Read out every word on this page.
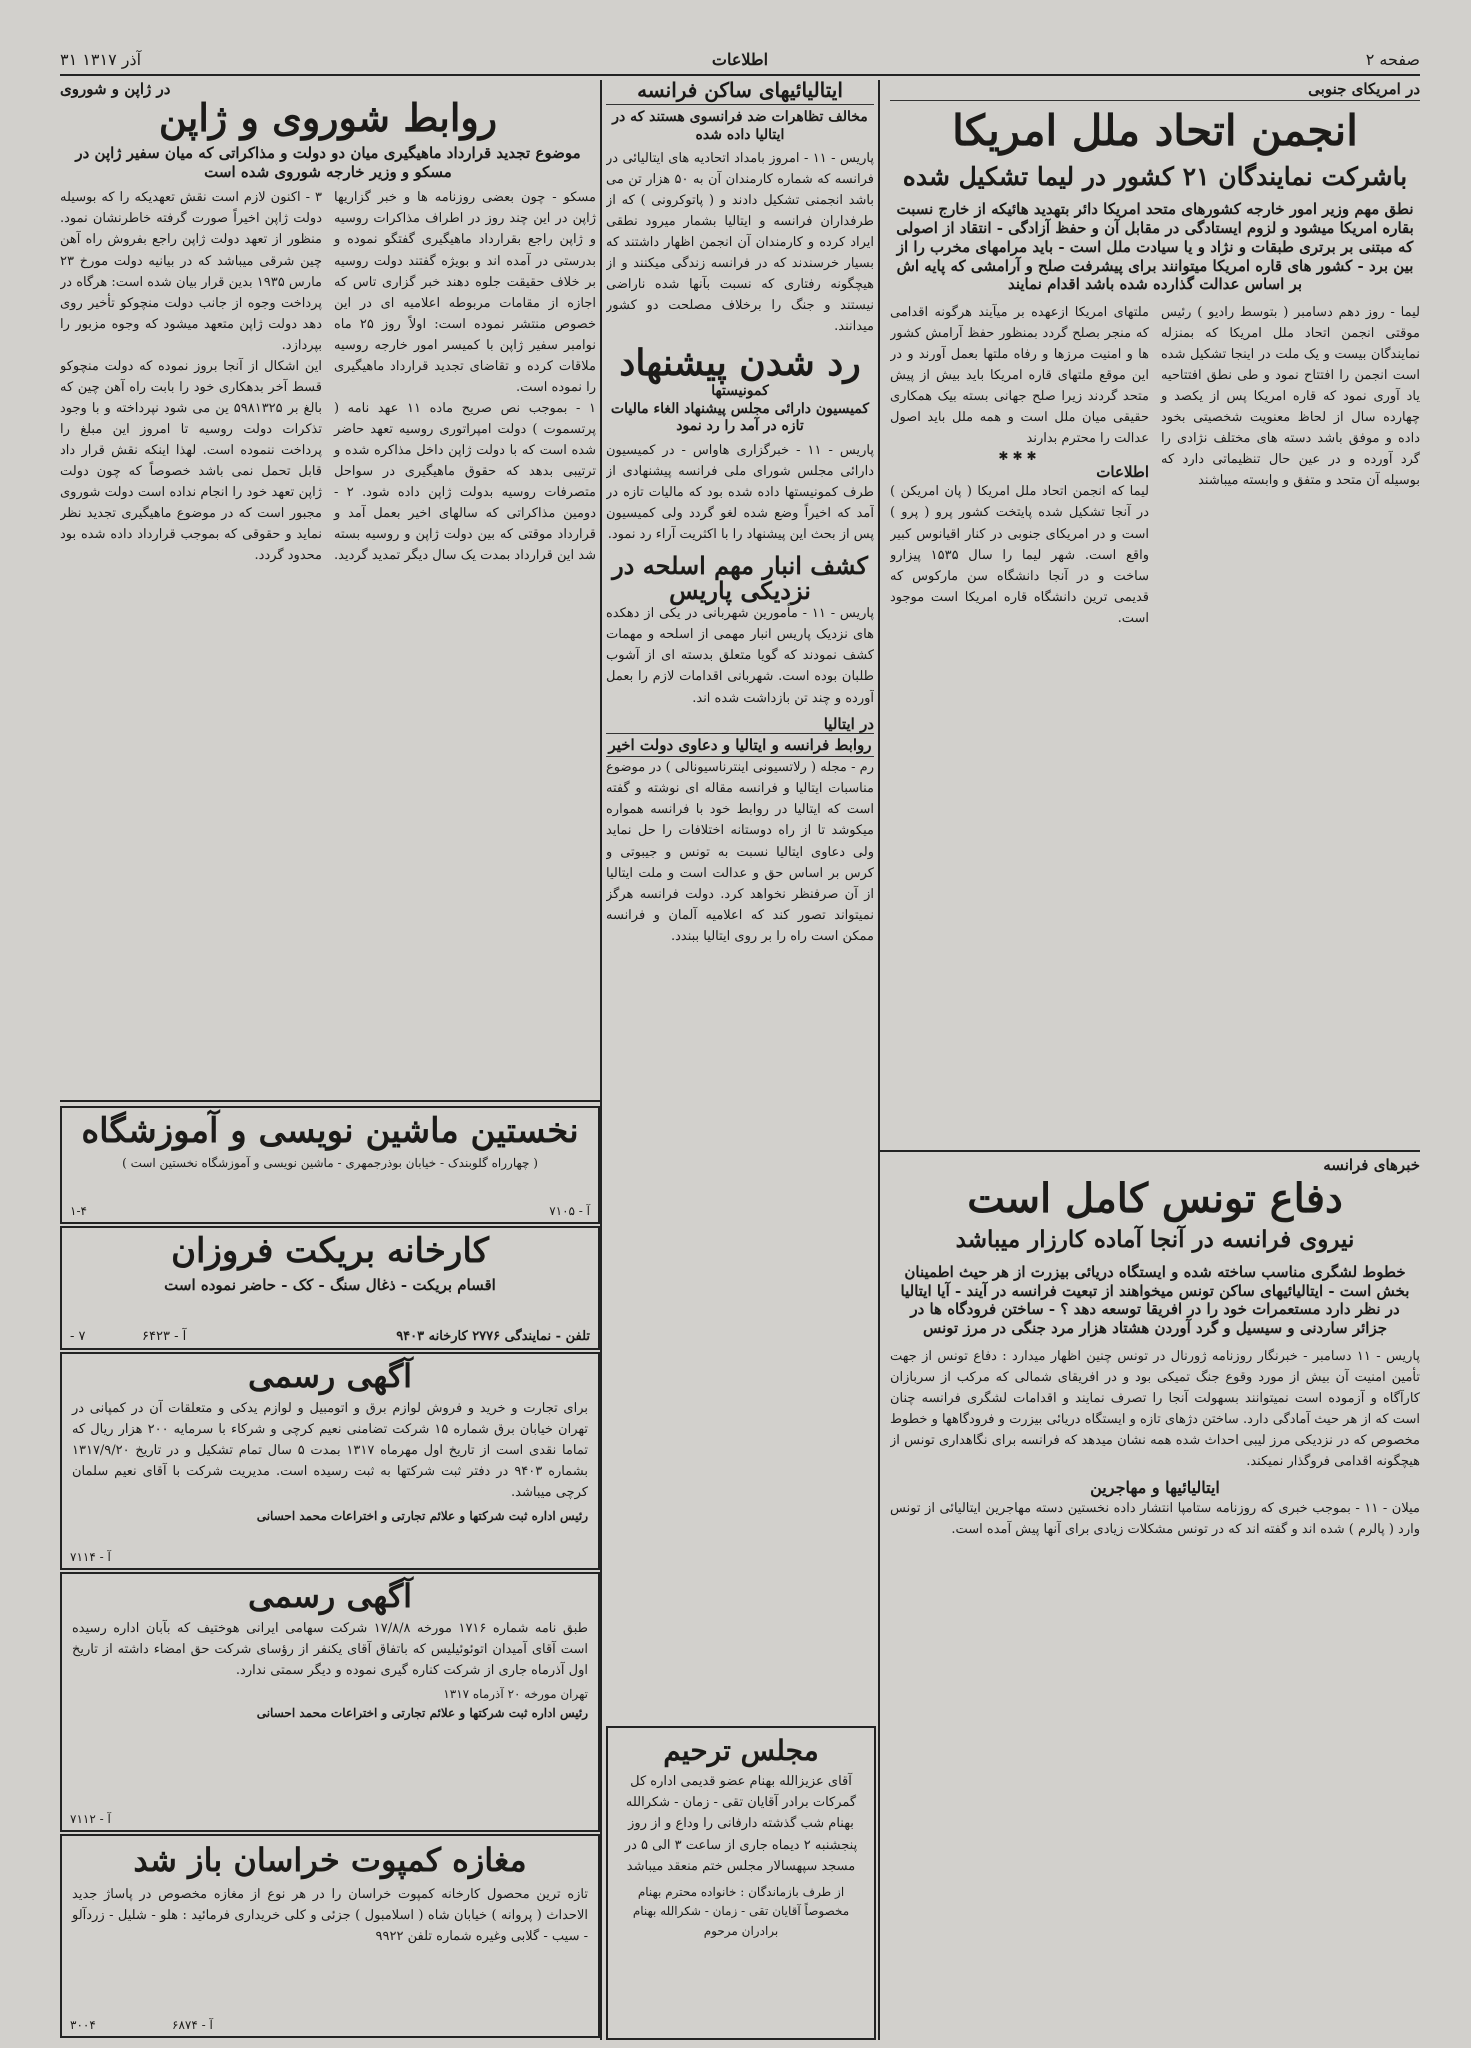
صفحه ۲
اطلاعات
۳۱ آذر ۱۳۱۷
در امریکای جنوبی
انجمن اتحاد ملل امریکا
باشرکت نمایندگان ۲۱ کشور در لیما تشکیل شده
نطق مهم وزیر امور خارجه کشورهای متحد امریکا دائر بتهدید هائیکه از خارج نسبت بقاره امریکا میشود و لزوم ایستادگی در مقابل آن و حفظ آزادگی - انتقاد از اصولی که مبتنی بر برتری طبقات و نژاد و یا سیادت ملل است - باید مرامهای مخرب را از بین برد - کشور های قاره امریکا میتوانند برای پیشرفت صلح و آرامشی که پایه اش بر اساس عدالت گذارده شده باشد اقدام نمایند
لیما - روز دهم دسامبر ( بتوسط رادیو ) رئیس موقتی انجمن اتحاد ملل امریکا که بمنزله نمایندگان بیست و یک ملت در اینجا تشکیل شده است انجمن را افتتاح نمود و طی نطق افتتاحیه یاد آوری نمود که قاره امریکا پس از یکصد و چهارده سال از لحاظ معنویت شخصیتی بخود داده و موفق باشد دسته های مختلف نژادی را گرد آورده و در عین حال تنظیماتی دارد که بوسیله آن متحد و متفق و وابسته میباشند
ملتهای امریکا ازعهده بر میآیند هرگونه اقدامی که منجر بصلح گردد بمنظور حفظ آرامش کشور ها و امنیت مرزها و رفاه ملتها بعمل آورند و در این موقع ملتهای قاره امریکا باید بیش از پیش متحد گردند زیرا صلح جهانی بسته بیک همکاری حقیقی میان ملل است و همه ملل باید اصول عدالت را محترم بدارند
✱✱✱
اطلاعات
لیما که انجمن اتحاد ملل امریکا ( پان امریکن ) در آنجا تشکیل شده پایتخت کشور پرو ( پرو ) است و در امریکای جنوبی در کنار اقیانوس کبیر واقع است. شهر لیما را سال ۱۵۳۵ پیزارو ساخت و در آنجا دانشگاه سن مارکوس که قدیمی ترین دانشگاه قاره امریکا است موجود است.
خبرهای فرانسه
دفاع تونس کامل است
نیروی فرانسه در آنجا آماده کارزار میباشد
خطوط لشگری مناسب ساخته شده و ایستگاه دریائی بیزرت از هر حیث اطمینان بخش است - ایتالیائیهای ساکن تونس میخواهند از تبعیت فرانسه در آیند - آیا ایتالیا در نظر دارد مستعمرات خود را در افریقا توسعه دهد ؟ - ساختن فرودگاه ها در جزائر ساردنی و سیسیل و گرد آوردن هشتاد هزار مرد جنگی در مرز تونس
پاریس - ۱۱ دسامبر - خبرنگار روزنامه ژورنال در تونس چنین اظهار میدارد : دفاع تونس از جهت تأمین امنیت آن بیش از مورد وقوع جنگ تمیکی بود و در افریقای شمالی که مرکب از سربازان کارآگاه و آزموده است نمیتوانند بسهولت آنجا را تصرف نمایند و اقدامات لشگری فرانسه چنان است که از هر حیث آمادگی دارد. ساختن دژهای تازه و ایستگاه دریائی بیزرت و فرودگاهها و خطوط مخصوص که در نزدیکی مرز لیبی احداث شده همه نشان میدهد که فرانسه برای نگاهداری تونس از هیچگونه اقدامی فروگذار نمیکند.
ایتالیائیها و مهاجرین
میلان - ۱۱ - بموجب خبری که روزنامه ستامپا انتشار داده نخستین دسته مهاجرین ایتالیائی از تونس وارد ( پالرم ) شده اند و گفته اند که در تونس مشکلات زیادی برای آنها پیش آمده است.
ایتالیائیهای ساکن فرانسه
مخالف تظاهرات ضد فرانسوی هستند که در ایتالیا داده شده
پاریس - ۱۱ - امروز بامداد اتحادیه های ایتالیائی در فرانسه که شماره کارمندان آن به ۵۰ هزار تن می باشد انجمنی تشکیل دادند و ( پاتوکرونی ) که از طرفداران فرانسه و ایتالیا بشمار میرود نطقی ایراد کرده و کارمندان آن انجمن اظهار داشتند که بسیار خرسندند که در فرانسه زندگی میکنند و از هیچگونه رفتاری که نسبت بآنها شده ناراضی نیستند و جنگ را برخلاف مصلحت دو کشور میدانند.
رد شدن پیشنهاد
کمونیستها
کمیسیون دارائی مجلس پیشنهاد الغاء مالیات تازه در آمد را رد نمود
پاریس - ۱۱ - خبرگزاری هاواس - در کمیسیون دارائی مجلس شورای ملی فرانسه پیشنهادی از طرف کمونیستها داده شده بود که مالیات تازه در آمد که اخیراً وضع شده لغو گردد ولی کمیسیون پس از بحث این پیشنهاد را با اکثریت آراء رد نمود.
کشف انبار مهم اسلحه در نزدیکی پاریس
پاریس - ۱۱ - مأمورین شهربانی در یکی از دهکده های نزدیک پاریس انبار مهمی از اسلحه و مهمات کشف نمودند که گویا متعلق بدسته ای از آشوب طلبان بوده است. شهربانی اقدامات لازم را بعمل آورده و چند تن بازداشت شده اند.
در ایتالیا
روابط فرانسه و ایتالیا و دعاوی دولت اخیر
رم - مجله ( رلاتسیونی اینترناسیونالی ) در موضوع مناسبات ایتالیا و فرانسه مقاله ای نوشته و گفته است که ایتالیا در روابط خود با فرانسه همواره میکوشد تا از راه دوستانه اختلافات را حل نماید ولی دعاوی ایتالیا نسبت به تونس و جیبوتی و کرس بر اساس حق و عدالت است و ملت ایتالیا از آن صرفنظر نخواهد کرد. دولت فرانسه هرگز نمیتواند تصور کند که اعلامیه آلمان و فرانسه ممکن است راه را بر روی ایتالیا ببندد.
مجلس ترحیم
آقای عزیزالله بهنام عضو قدیمی اداره کل گمرکات برادر آقایان تقی - زمان - شکرالله بهنام شب گذشته دارفانی را وداع و از روز پنجشنبه ۲ دیماه جاری از ساعت ۳ الی ۵ در مسجد سپهسالار مجلس ختم منعقد میباشد
از طرف بازماندگان : خانواده محترم بهنام مخصوصاً آقایان تقی - زمان - شکرالله بهنام برادران مرحوم
در ژاپن و شوروی
روابط شوروی و ژاپن
موضوع تجدید قرارداد ماهیگیری میان دو دولت و مذاکراتی که میان سفیر ژاپن در مسکو و وزیر خارجه شوروی شده است
مسکو - چون بعضی روزنامه ها و خبر گزاریها ژاپن در این چند روز در اطراف مذاکرات روسیه و ژاپن راجع بقرارداد ماهیگیری گفتگو نموده و بدرستی در آمده اند و بویژه گفتند دولت روسیه بر خلاف حقیقت جلوه دهند خبر گزاری تاس که اجازه از مقامات مربوطه اعلامیه ای در این خصوص منتشر نموده است: اولاً روز ۲۵ ماه نوامبر سفیر ژاپن با کمیسر امور خارجه روسیه ملاقات کرده و تقاضای تجدید قرارداد ماهیگیری را نموده است.
۱ - بموجب نص صریح ماده ۱۱ عهد نامه ( پرتسموت ) دولت امپراتوری روسیه تعهد حاضر شده است که با دولت ژاپن داخل مذاکره شده و ترتیبی بدهد که حقوق ماهیگیری در سواحل متصرفات روسیه بدولت ژاپن داده شود. ۲ - دومین مذاکراتی که سالهای اخیر بعمل آمد و قرارداد موقتی که بین دولت ژاپن و روسیه بسته شد این قرارداد بمدت یک سال دیگر تمدید گردید.
۳ - اکنون لازم است نقش تعهدیکه را که بوسیله دولت ژاپن اخیراً صورت گرفته خاطرنشان نمود. منظور از تعهد دولت ژاپن راجع بفروش راه آهن چین شرقی میباشد که در بیانیه دولت مورخ ۲۳ مارس ۱۹۳۵ بدین قرار بیان شده است: هرگاه در پرداخت وجوه از جانب دولت منچوکو تأخیر روی دهد دولت ژاپن متعهد میشود که وجوه مزبور را بپردازد.
این اشکال از آنجا بروز نموده که دولت منچوکو قسط آخر بدهکاری خود را بابت راه آهن چین که بالغ بر ۵۹۸۱۳۲۵ ین می شود نپرداخته و با وجود تذکرات دولت روسیه تا امروز این مبلغ را پرداخت ننموده است. لهذا اینکه نقش قرار داد قابل تحمل نمی باشد خصوصاً که چون دولت ژاپن تعهد خود را انجام نداده است دولت شوروی مجبور است که در موضوع ماهیگیری تجدید نظر نماید و حقوقی که بموجب قرارداد داده شده بود محدود گردد.
نخستین ماشین نویسی و آموزشگاه
( چهارراه گلوبندک - خیابان بوذرجمهری - ماشین نویسی و آموزشگاه نخستین است )
۱-۴	آ - ۷۱۰۵
کارخانه بریکت فروزان
اقسام بریکت - ذغال سنگ - کک - حاضر نموده است
تلفن - نمایندگی ۲۷۷۶ کارخانه ۹۴۰۳
آ - ۶۴۲۳
۷ -
آگهی رسمی
برای تجارت و خرید و فروش لوازم برق و اتومبیل و لوازم یدکی و متعلقات آن در کمپانی در تهران خیابان برق شماره ۱۵ شرکت تضامنی نعیم کرچی و شرکاء با سرمایه ۲۰۰ هزار ریال که تماما نقدی است از تاریخ اول مهرماه ۱۳۱۷ بمدت ۵ سال تمام تشکیل و در تاریخ ۱۳۱۷/۹/۲۰ بشماره ۹۴۰۳ در دفتر ثبت شرکتها به ثبت رسیده است. مدیریت شرکت با آقای نعیم سلمان کرچی میباشد.
رئیس اداره ثبت شرکتها و علائم تجارتی و اختراعات محمد احسانی
آ - ۷۱۱۴
آگهی رسمی
طبق نامه شماره ۱۷۱۶ مورخه ۱۷/۸/۸ شرکت سهامی ایرانی هوختیف که بآبان اداره رسیده است آقای آمیدان اتوئوئیلیس که باتفاق آقای یکنفر از رؤسای شرکت حق امضاء داشته از تاریخ اول آذرماه جاری از شرکت کناره گیری نموده و دیگر سمتی ندارد.
تهران مورخه ۲۰ آذرماه ۱۳۱۷
رئیس اداره ثبت شرکتها و علائم تجارتی و اختراعات محمد احسانی
آ - ۷۱۱۲
مغازه کمپوت خراسان باز شد
تازه ترین محصول کارخانه کمپوت خراسان را در هر نوع از مغازه مخصوص در پاساژ جدید الاحداث ( پروانه ) خیابان شاه ( اسلامبول ) جزئی و کلی خریداری فرمائید : هلو - شلیل - زردآلو - سیب - گلابی وغیره شماره تلفن ۹۹۲۲
آ - ۶۸۷۴
۳۰۰۴
